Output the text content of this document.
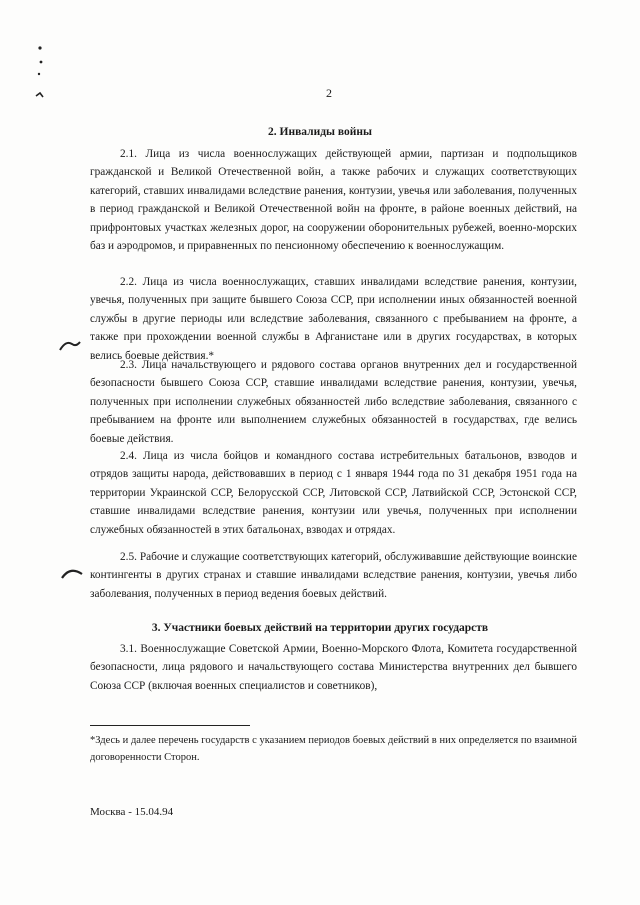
2
2. Инвалиды войны

2.1. Лица из числа военнослужащих действующей армии, партизан и подпольщиков гражданской и Великой Отечественной войн, а также рабочих и служащих соответствующих категорий, ставших инвалидами вследствие ранения, контузии, увечья или заболевания, полученных в период гражданской и Великой Отечественной войн на фронте, в районе военных действий, на прифронтовых участках железных дорог, на сооружении оборонительных рубежей, военно-морских баз и аэродромов, и приравненных по пенсионному обеспечению к военнослужащим.

2.2. Лица из числа военнослужащих, ставших инвалидами вследствие ранения, контузии, увечья, полученных при защите бывшего Союза ССР, при исполнении иных обязанностей военной службы в другие периоды или вследствие заболевания, связанного с пребыванием на фронте, а также при прохождении военной службы в Афганистане или в других государствах, в которых велись боевые действия.*

2.3. Лица начальствующего и рядового состава органов внутренних дел и государственной безопасности бывшего Союза ССР, ставшие инвалидами вследствие ранения, контузии, увечья, полученных при исполнении служебных обязанностей либо вследствие заболевания, связанного с пребыванием на фронте или выполнением служебных обязанностей в государствах, где велись боевые действия.

2.4. Лица из числа бойцов и командного состава истребительных батальонов, взводов и отрядов защиты народа, действовавших в период с 1 января 1944 года по 31 декабря 1951 года на территории Украинской ССР, Белорусской ССР, Литовской ССР, Латвийской ССР, Эстонской ССР, ставшие инвалидами вследствие ранения, контузии или увечья, полученных при исполнении служебных обязанностей в этих батальонах, взводах и отрядах.

2.5. Рабочие и служащие соответствующих категорий, обслуживавшие действующие воинские контингенты в других странах и ставшие инвалидами вследствие ранения, контузии, увечья либо заболевания, полученных в период ведения боевых действий.

3. Участники боевых действий на территории других государств

3.1. Военнослужащие Советской Армии, Военно-Морского Флота, Комитета государственной безопасности, лица рядового и начальствующего состава Министерства внутренних дел бывшего Союза ССР (включая военных специалистов и советников),

*Здесь и далее перечень государств с указанием периодов боевых действий в них определяется по взаимной договоренности Сторон.

Москва - 15.04.94
